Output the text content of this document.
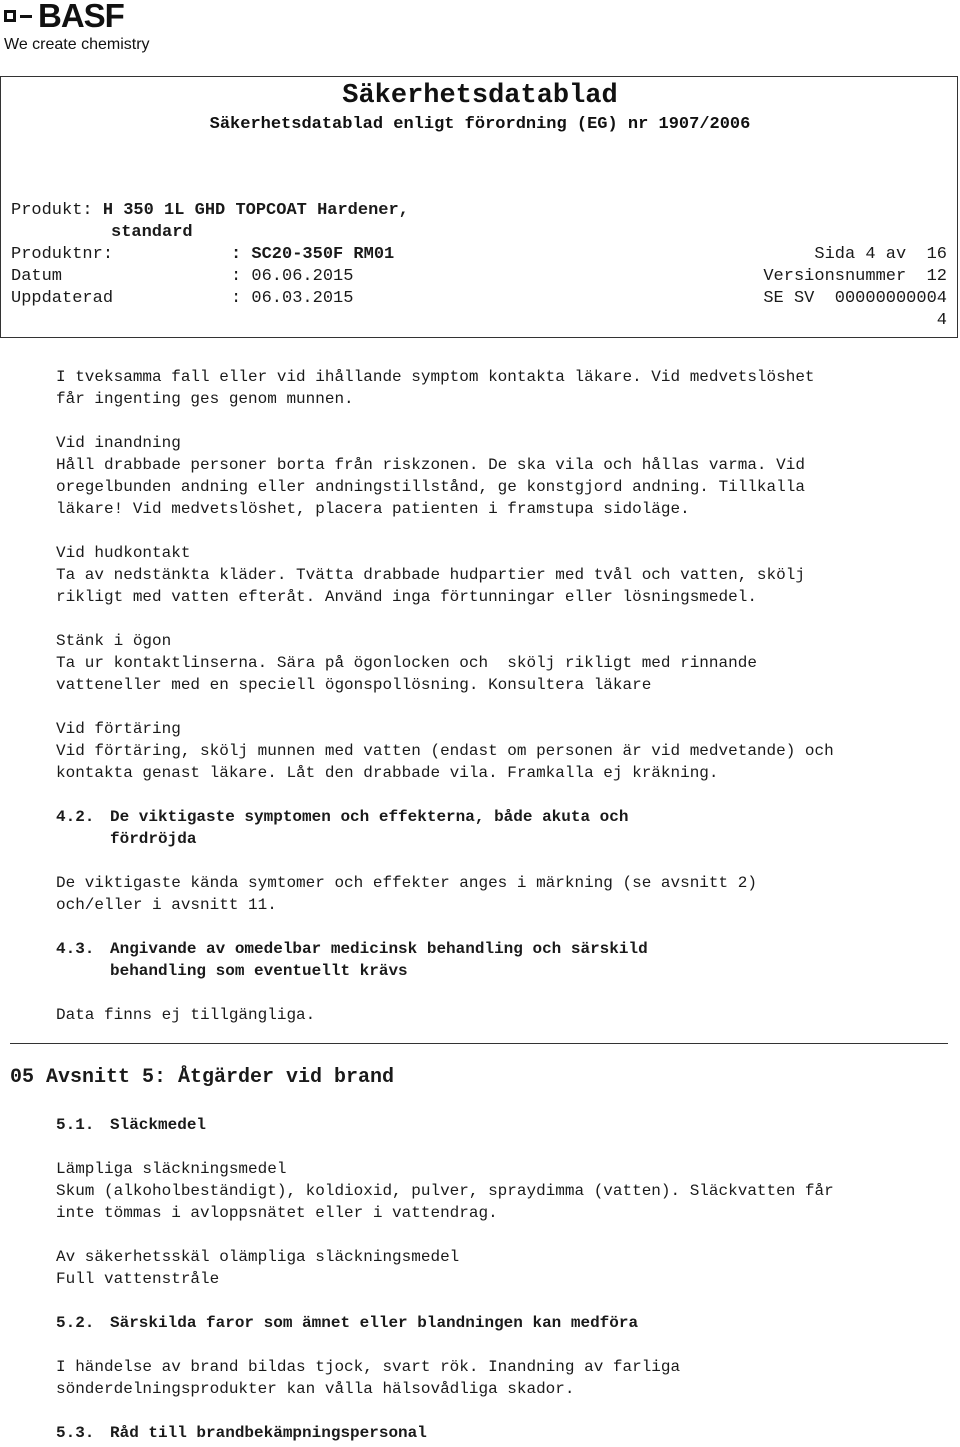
BASF
We create chemistry
Säkerhetsdatablad
Säkerhetsdatablad enligt förordning (EG) nr 1907/2006
Produkt: H 350 1L GHD TOPCOAT Hardener,
standard
Produktnr:	: SC20-350F RM01
Datum	: 06.06.2015
Uppdaterad	: 06.03.2015
Sida 4 av  16
Versionsnummer  12
SE SV  00000000004
4
I tveksamma fall eller vid ihållande symptom kontakta läkare. Vid medvetslöshet
får ingenting ges genom munnen.
Vid inandning
Håll drabbade personer borta från riskzonen. De ska vila och hållas varma. Vid
oregelbunden andning eller andningstillstånd, ge konstgjord andning. Tillkalla
läkare! Vid medvetslöshet, placera patienten i framstupa sidoläge.
Vid hudkontakt
Ta av nedstänkta kläder. Tvätta drabbade hudpartier med tvål och vatten, skölj
rikligt med vatten efteråt. Använd inga förtunningar eller lösningsmedel.
Stänk i ögon
Ta ur kontaktlinserna. Sära på ögonlocken och  skölj rikligt med rinnande
vatteneller med en speciell ögonspollösning. Konsultera läkare
Vid förtäring
Vid förtäring, skölj munnen med vatten (endast om personen är vid medvetande) och
kontakta genast läkare. Låt den drabbade vila. Framkalla ej kräkning.
4.2. De viktigaste symptomen och effekterna, både akuta och
fördröjda
De viktigaste kända symtomer och effekter anges i märkning (se avsnitt 2)
och/eller i avsnitt 11.
4.3. Angivande av omedelbar medicinsk behandling och särskild
behandling som eventuellt krävs
Data finns ej tillgängliga.
05 Avsnitt 5: Åtgärder vid brand
5.1. Släckmedel
Lämpliga släckningsmedel
Skum (alkoholbeständigt), koldioxid, pulver, spraydimma (vatten). Släckvatten får
inte tömmas i avloppsnätet eller i vattendrag.
Av säkerhetsskäl olämpliga släckningsmedel
Full vattenstråle
5.2. Särskilda faror som ämnet eller blandningen kan medföra
I händelse av brand bildas tjock, svart rök. Inandning av farliga
sönderdelningsprodukter kan vålla hälsovådliga skador.
5.3. Råd till brandbekämpningspersonal
